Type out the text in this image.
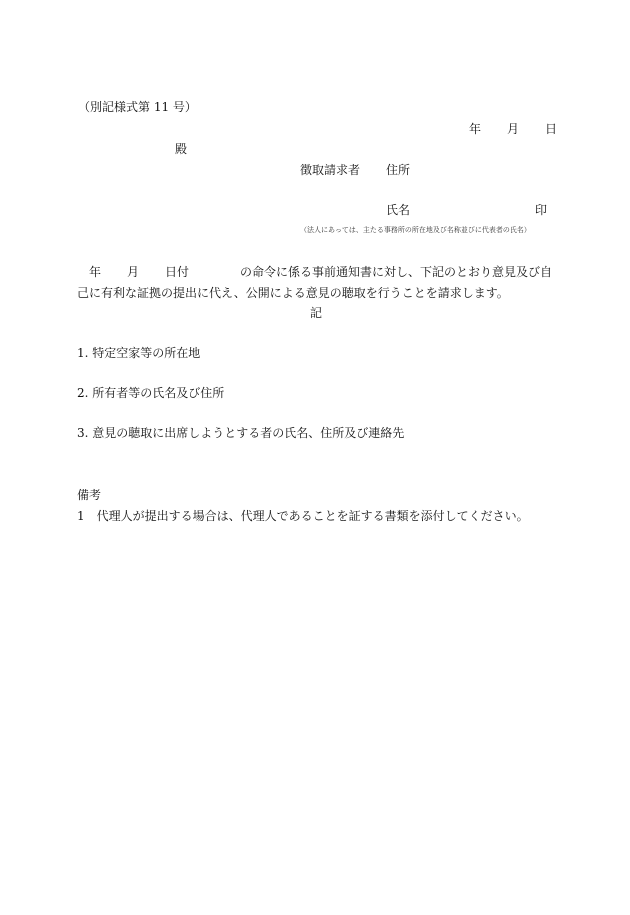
（別記様式第 11 号）
年 月 日
殿
徴取請求者 住所
氏名	印
（法人にあっては、主たる事務所の所在地及び名称並びに代表者の氏名）
年 月 日付	の命令に係る事前通知書に対し、下記のとおり意見及び自
己に有利な証拠の提出に代え、公開による意見の聴取を行うことを請求します。
記
1. 特定空家等の所在地
2. 所有者等の氏名及び住所
3. 意見の聴取に出席しようとする者の氏名、住所及び連絡先
備考
1　代理人が提出する場合は、代理人であることを証する書類を添付してください。
